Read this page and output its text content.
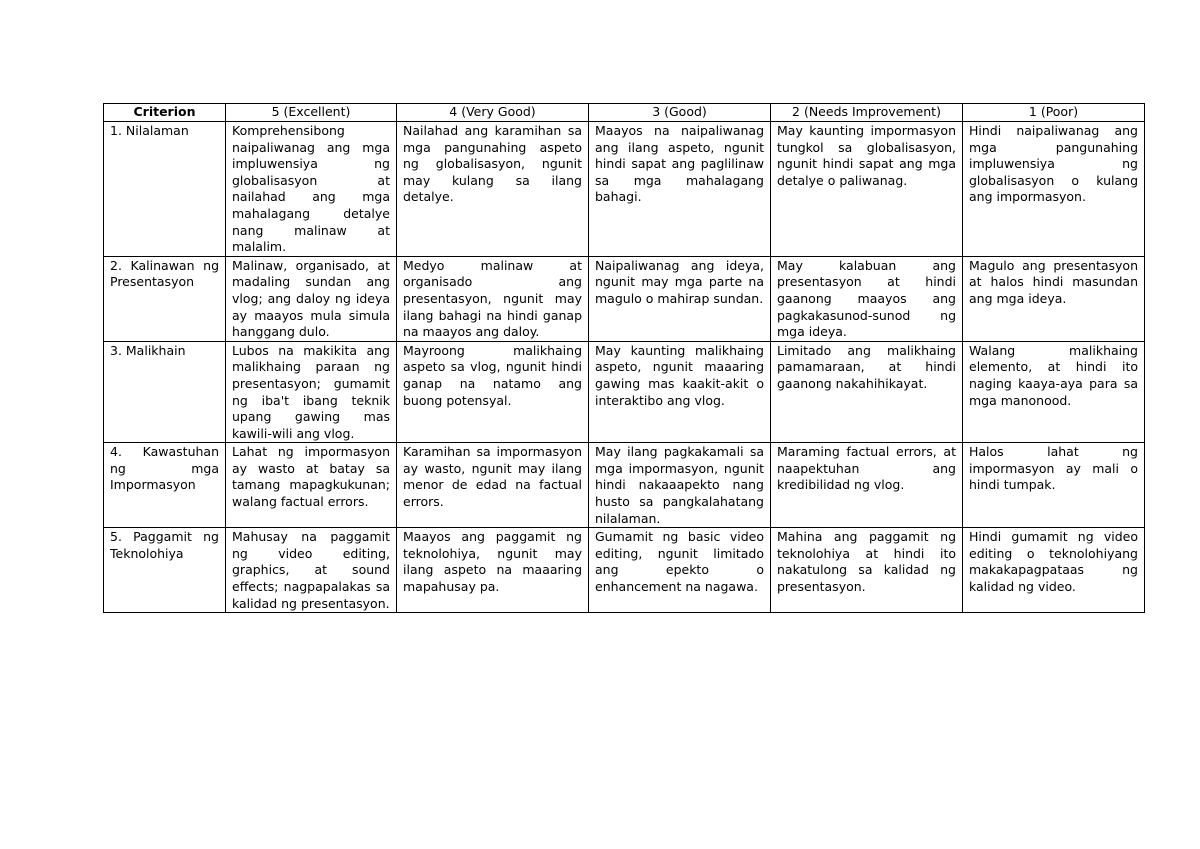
Criterion	5 (Excellent)	4 (Very Good)	3 (Good)	2 (Needs Improvement)	1 (Poor)
1. Nilalaman	Komprehensibong naipaliwanag ang mga impluwensiya ng globalisasyon at nailahad ang mga mahalagang detalye nang malinaw at malalim.	Nailahad ang karamihan sa mga pangunahing aspeto ng globalisasyon, ngunit may kulang sa ilang detalye.	Maayos na naipaliwanag ang ilang aspeto, ngunit hindi sapat ang paglilinaw sa mga mahalagang bahagi.	May kaunting impormasyon tungkol sa globalisasyon, ngunit hindi sapat ang mga detalye o paliwanag.	Hindi naipaliwanag ang mga pangunahing impluwensiya ng globalisasyon o kulang ang impormasyon.
2. Kalinawan ng Presentasyon	Malinaw, organisado, at madaling sundan ang vlog; ang daloy ng ideya ay maayos mula simula hanggang dulo.	Medyo malinaw at organisado ang presentasyon, ngunit may ilang bahagi na hindi ganap na maayos ang daloy.	Naipaliwanag ang ideya, ngunit may mga parte na magulo o mahirap sundan.	May kalabuan ang presentasyon at hindi gaanong maayos ang pagkakasunod-sunod ng mga ideya.	Magulo ang presentasyon at halos hindi masundan ang mga ideya.
3. Malikhain	Lubos na makikita ang malikhaing paraan ng presentasyon; gumamit ng iba't ibang teknik upang gawing mas kawili-wili ang vlog.	Mayroong malikhaing aspeto sa vlog, ngunit hindi ganap na natamo ang buong potensyal.	May kaunting malikhaing aspeto, ngunit maaaring gawing mas kaakit-akit o interaktibo ang vlog.	Limitado ang malikhaing pamamaraan, at hindi gaanong nakahihikayat.	Walang malikhaing elemento, at hindi ito naging kaaya-aya para sa mga manonood.
4. Kawastuhan ng mga Impormasyon	Lahat ng impormasyon ay wasto at batay sa tamang mapagkukunan; walang factual errors.	Karamihan sa impormasyon ay wasto, ngunit may ilang menor de edad na factual errors.	May ilang pagkakamali sa mga impormasyon, ngunit hindi nakaaapekto nang husto sa pangkalahatang nilalaman.	Maraming factual errors, at naapektuhan ang kredibilidad ng vlog.	Halos lahat ng impormasyon ay mali o hindi tumpak.
5. Paggamit ng Teknolohiya	Mahusay na paggamit ng video editing, graphics, at sound effects; nagpapalakas sa kalidad ng presentasyon.	Maayos ang paggamit ng teknolohiya, ngunit may ilang aspeto na maaaring mapahusay pa.	Gumamit ng basic video editing, ngunit limitado ang epekto o enhancement na nagawa.	Mahina ang paggamit ng teknolohiya at hindi ito nakatulong sa kalidad ng presentasyon.	Hindi gumamit ng video editing o teknolohiyang makakapagpataas ng kalidad ng video.
